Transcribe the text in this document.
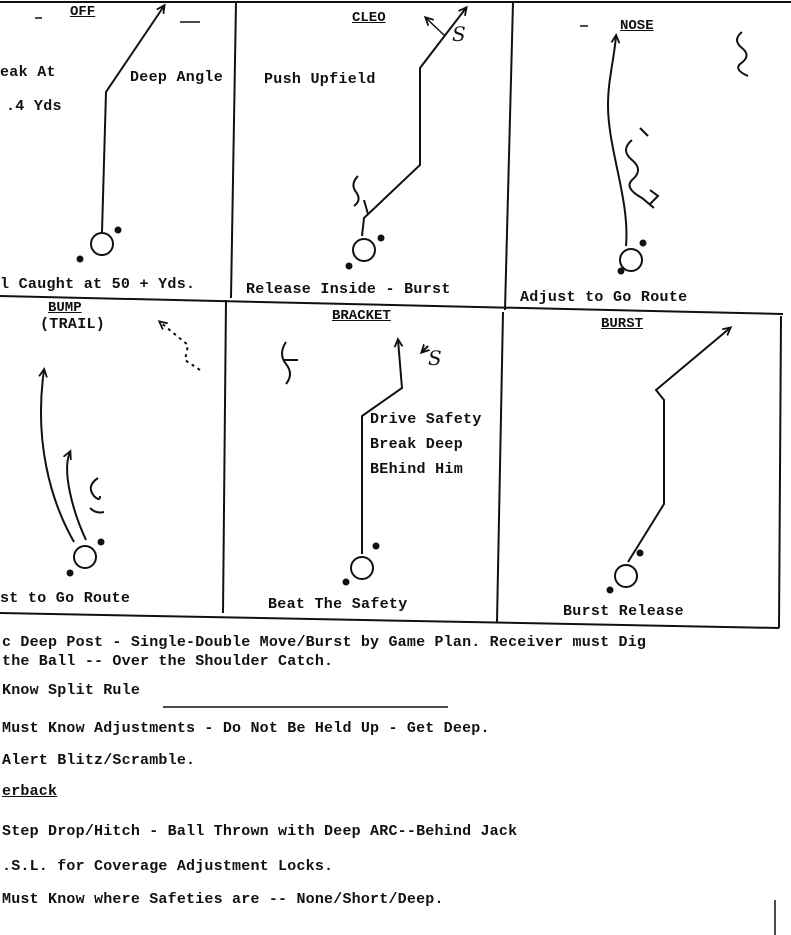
OFF
eak At
.4 Yds
Deep Angle
l Caught at 50 + Yds.
CLEO
Push Upfield
S
Release Inside - Burst
NOSE
Adjust to Go Route
BUMP
(TRAIL)
st to Go Route
BRACKET
S
Drive Safety
Break Deep
BEhind Him
Beat The Safety
BURST
Burst Release
c Deep Post - Single-Double Move/Burst by Game Plan. Receiver must Dig
the Ball -- Over the Shoulder Catch.
Know Split Rule
Must Know Adjustments - Do Not Be Held Up - Get Deep.
Alert Blitz/Scramble.
erback
Step Drop/Hitch - Ball Thrown with Deep ARC--Behind Jack
.S.L. for Coverage Adjustment Locks.
Must Know where Safeties are -- None/Short/Deep.
